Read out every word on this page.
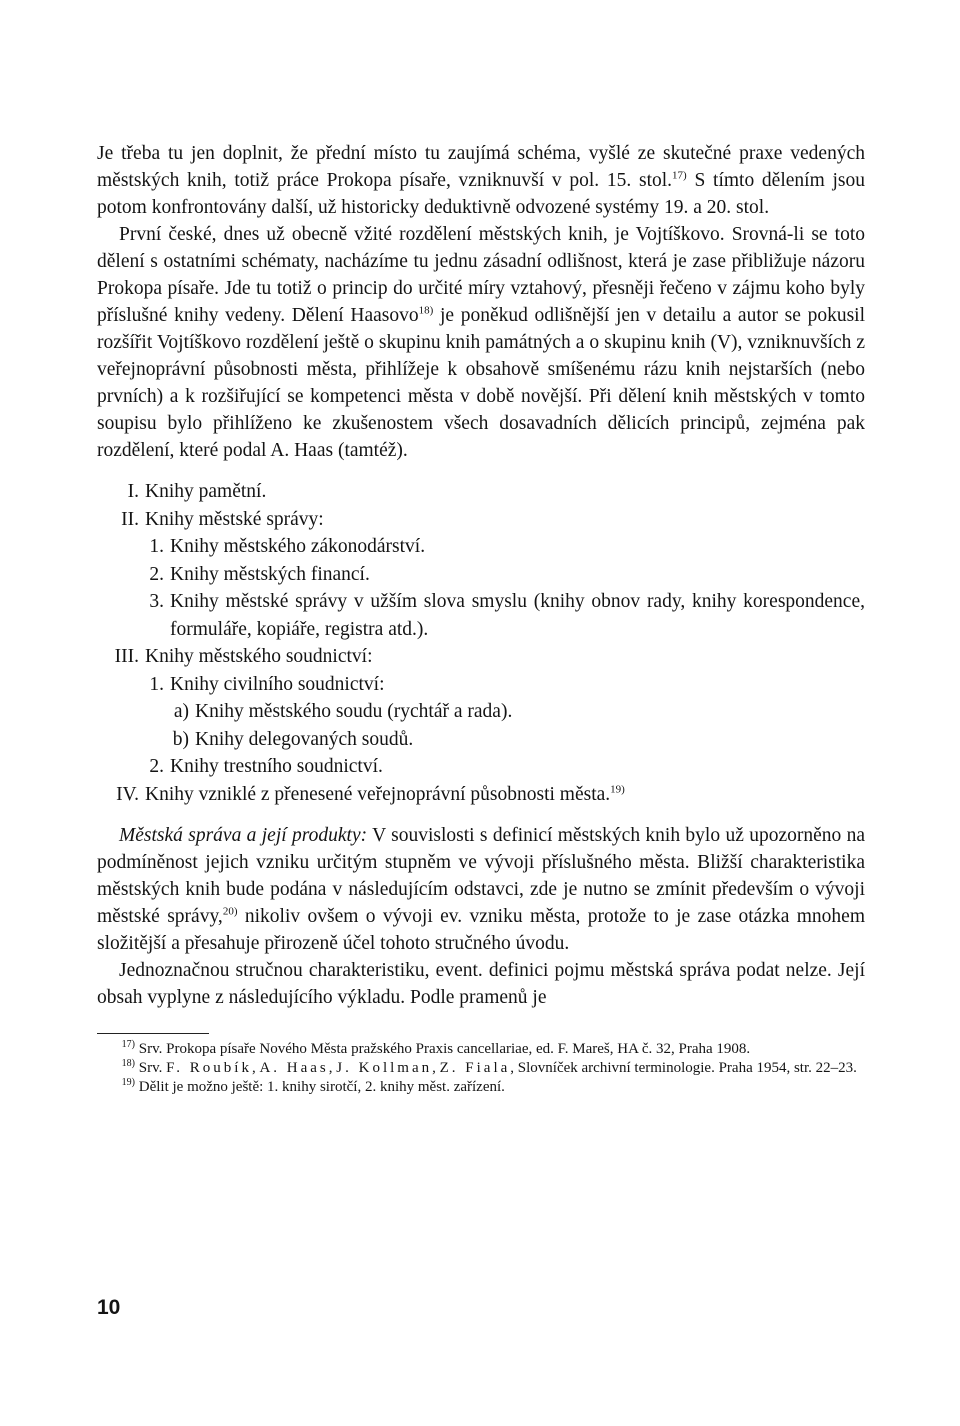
Je třeba tu jen doplnit, že přední místo tu zaujímá schéma, vyšlé ze skutečné praxe vedených městských knih, totiž práce Prokopa písaře, vzniknuvší v pol. 15. stol.$^{17)}$ S tímto dělením jsou potom konfrontovány další, už historicky deduktivně odvozené systémy 19. a 20. stol.

První české, dnes už obecně vžité rozdělení městských knih, je Vojtíškovo. Srovná-li se toto dělení s ostatními schématy, nacházíme tu jednu zásadní odlišnost, která je zase přibližuje názoru Prokopa písaře. Jde tu totiž o princip do určité míry vztahový, přesněji řečeno v zájmu koho byly příslušné knihy vedeny. Dělení Haasovo$^{18)}$ je poněkud odlišnější jen v detailu a autor se pokusil rozšířit Vojtíškovo rozdělení ještě o skupinu knih památných a o skupinu knih (V), vzniknuvších z veřejnoprávní působnosti města, přihlížeje k obsahově smíšenému rázu knih nejstarších (nebo prvních) a k rozšiřující se kompetenci města v době novější. Při dělení knih městských v tomto soupisu bylo přihlíženo ke zkušenostem všech dosavadních dělicích principů, zejména pak rozdělení, které podal A. Haas (tamtéž).

I. Knihy pamětní.
II. Knihy městské správy:
1. Knihy městského zákonodárství.
2. Knihy městských financí.
3. Knihy městské správy v užším slova smyslu (knihy obnov rady, knihy korespondence, formuláře, kopiáře, registra atd.).
III. Knihy městského soudnictví:
1. Knihy civilního soudnictví:
a) Knihy městského soudu (rychtář a rada).
b) Knihy delegovaných soudů.
2. Knihy trestního soudnictví.
IV. Knihy vzniklé z přenesené veřejnoprávní působnosti města.$^{19)}$

Městská správa a její produkty: V souvislosti s definicí městských knih bylo už upozorněno na podmíněnost jejich vzniku určitým stupněm ve vývoji příslušného města. Bližší charakteristika městských knih bude podána v následujícím odstavci, zde je nutno se zmínit především o vývoji městské správy,$^{20)}$ nikoliv ovšem o vývoji ev. vzniku města, protože to je zase otázka mnohem složitější a přesahuje přirozeně účel tohoto stručného úvodu.

Jednoznačnou stručnou charakteristiku, event. definici pojmu městská správa podat nelze. Její obsah vyplyne z následujícího výkladu. Podle pramenů je

$^{17)}$ Srv. Prokopa písaře Nového Města pražského Praxis cancellariae, ed. F. Mareš, HA č. 32, Praha 1908.
$^{18)}$ Srv. F. Roubík, A. Haas, J. Kollman, Z. Fiala, Slovníček archivní terminologie. Praha 1954, str. 22–23.
$^{19)}$ Dělit je možno ještě: 1. knihy sirotčí, 2. knihy měst. zařízení.
10
